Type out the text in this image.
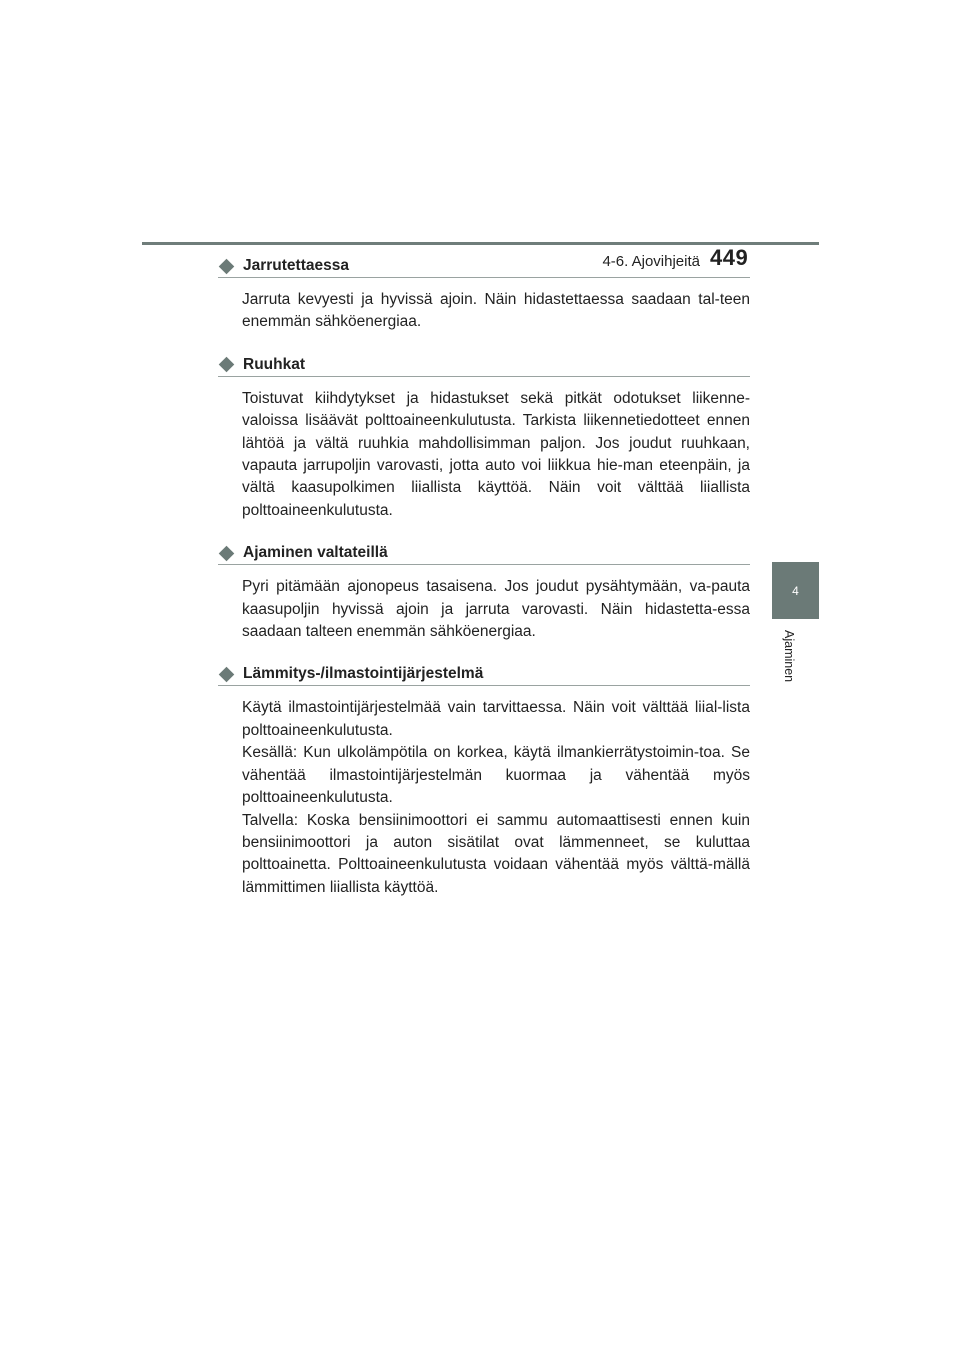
4-6. Ajovihjeitä 449
4
Ajaminen
Jarrutettaessa

Jarruta kevyesti ja hyvissä ajoin. Näin hidastettaessa saadaan tal-teen enemmän sähköenergiaa.

Ruuhkat

Toistuvat kiihdytykset ja hidastukset sekä pitkät odotukset liikenne-valoissa lisäävät polttoaineenkulutusta. Tarkista liikennetiedotteet ennen lähtöä ja vältä ruuhkia mahdollisimman paljon. Jos joudut ruuhkaan, vapauta jarrupoljin varovasti, jotta auto voi liikkua hie-man eteenpäin, ja vältä kaasupolkimen liiallista käyttöä. Näin voit välttää liiallista polttoaineenkulutusta.

Ajaminen valtateillä

Pyri pitämään ajonopeus tasaisena. Jos joudut pysähtymään, va-pauta kaasupoljin hyvissä ajoin ja jarruta varovasti. Näin hidastetta-essa saadaan talteen enemmän sähköenergiaa.

Lämmitys-/ilmastointijärjestelmä

Käytä ilmastointijärjestelmää vain tarvittaessa. Näin voit välttää liial-lista polttoaineenkulutusta.

Kesällä: Kun ulkolämpötila on korkea, käytä ilmankierrätystoimin-toa. Se vähentää ilmastointijärjestelmän kuormaa ja vähentää myös polttoaineenkulutusta.

Talvella: Koska bensiinimoottori ei sammu automaattisesti ennen kuin bensiinimoottori ja auton sisätilat ovat lämmenneet, se kuluttaa polttoainetta. Polttoaineenkulutusta voidaan vähentää myös välttä-mällä lämmittimen liiallista käyttöä.
